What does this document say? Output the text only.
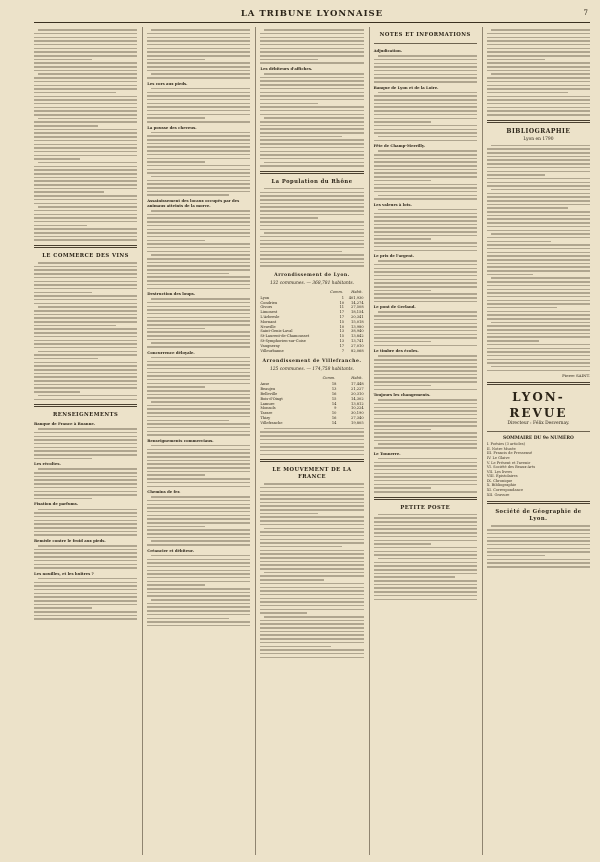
LA TRIBUNE LYONNAISE	7
LE COMMERCE DES VINS
RENSEIGNEMENTS
Banque de France à Roanne.
Les récoltes.
Fixation de parfums.
Remède contre le froid aux pieds.
Les nouilles, et les huîtres ?
Les cors aux pieds.
La pousse des cheveux.
Assainissement des locaux occupés par des animaux atteints de la morve.
Destruction des loups.
Concurrence déloyale.
Renseignements commerciaux.
Chemins de fer.
Créancier et débiteur.
Les débiteurs d'affiches.
La Population du Rhône
Arrondissement de Lyon.
132 communes. — 368,781 habitants.
	Comm.	Habit.
Lyon	1	401,930
Condrieu	10	14,274
Givors	11	27,508
Limonest	17	18,154
L'Arbresle	17	20,341
Mornant	15	15,018
Neuville	10	13,980
Saint-Genis-Laval	13	38,940
St-Laurent-de-Chamousset	15	13,842
St-Symphorien-sur-Coise	13	13,741
Vaugneray	17	27,010
Villeurbanne	7	82,068
Arrondissement de Villefranche.
125 communes. — 174,758 habitants.
	Comm.	Habit.
Anse	18	17,448
Beaujeu	13	21,227
Belleville	16	20,310
Bois-d'Oingt	15	14,302
Lamure	14	13,812
Monsols	9	10,224
Tarare	10	30,190
Thizy	16	27,340
Villefranche	14	19,805
LE MOUVEMENT DE LA FRANCE
NOTES ET INFORMATIONS
Adjudication.
Banque de Lyon et de la Loire.
Fête de Champ-Merrilly.
Les valeurs à lots.
Le prix de l'argent.
Le pont de Gerland.
Le timbre des écoles.
Toujours les changements.
Le Tonnerre.
PETITE POSTE
BIBLIOGRAPHIE
Lyon en 1790
Pierre SAINT.
LYON-REVUE
Directeur : Félix Desvernay.
SOMMAIRE DU 9e NUMÉRO

I. Poésies (3 articles)

II. Notre Musée

III. Francis de Pressensé

IV. Le Glaive

V. Le Présent et l'avenir

VI. Société des Beaux-Arts

VII. Les livres

VIII. Épistolaires

IX. Chronique

X. Bibliographie

XI. Correspondance

XII. Gravure

Société de Géographie de Lyon.
